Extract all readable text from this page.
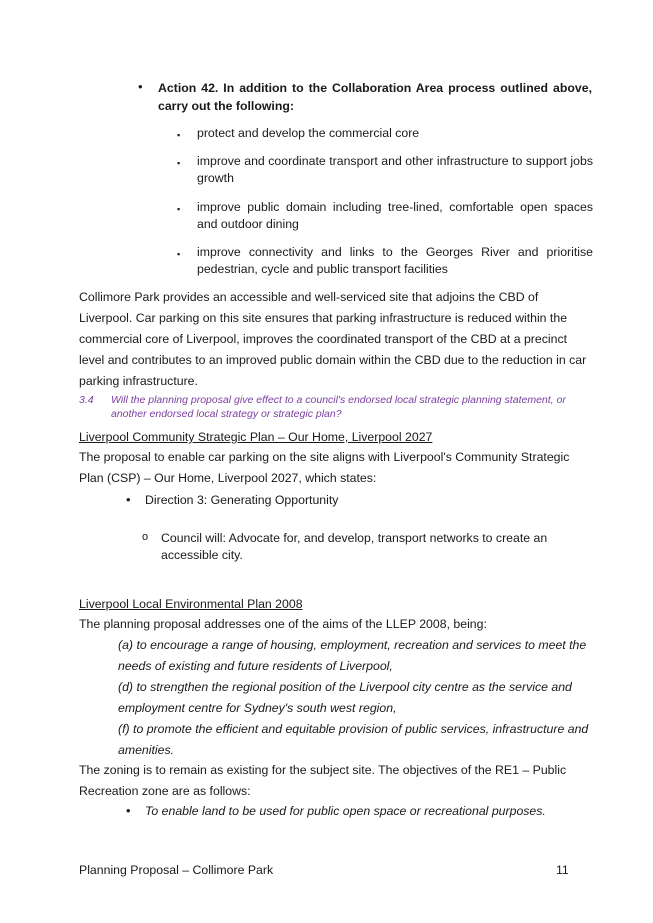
• Action 42. In addition to the Collaboration Area process outlined above, carry out the following:
▪ protect and develop the commercial core
▪ improve and coordinate transport and other infrastructure to support jobs growth
▪ improve public domain including tree-lined, comfortable open spaces and outdoor dining
▪ improve connectivity and links to the Georges River and prioritise pedestrian, cycle and public transport facilities
Collimore Park provides an accessible and well-serviced site that adjoins the CBD of Liverpool. Car parking on this site ensures that parking infrastructure is reduced within the commercial core of Liverpool, improves the coordinated transport of the CBD at a precinct level and contributes to an improved public domain within the CBD due to the reduction in car parking infrastructure.
3.4 Will the planning proposal give effect to a council's endorsed local strategic planning statement, or another endorsed local strategy or strategic plan?
Liverpool Community Strategic Plan – Our Home, Liverpool 2027
The proposal to enable car parking on the site aligns with Liverpool's Community Strategic Plan (CSP) – Our Home, Liverpool 2027, which states:
• Direction 3: Generating Opportunity
o Council will: Advocate for, and develop, transport networks to create an accessible city.
Liverpool Local Environmental Plan 2008
The planning proposal addresses one of the aims of the LLEP 2008, being:

(a) to encourage a range of housing, employment, recreation and services to meet the needs of existing and future residents of Liverpool,

(d) to strengthen the regional position of the Liverpool city centre as the service and employment centre for Sydney's south west region,

(f) to promote the efficient and equitable provision of public services, infrastructure and amenities.

The zoning is to remain as existing for the subject site. The objectives of the RE1 – Public Recreation zone are as follows:
• To enable land to be used for public open space or recreational purposes.
Planning Proposal – Collimore Park	11
